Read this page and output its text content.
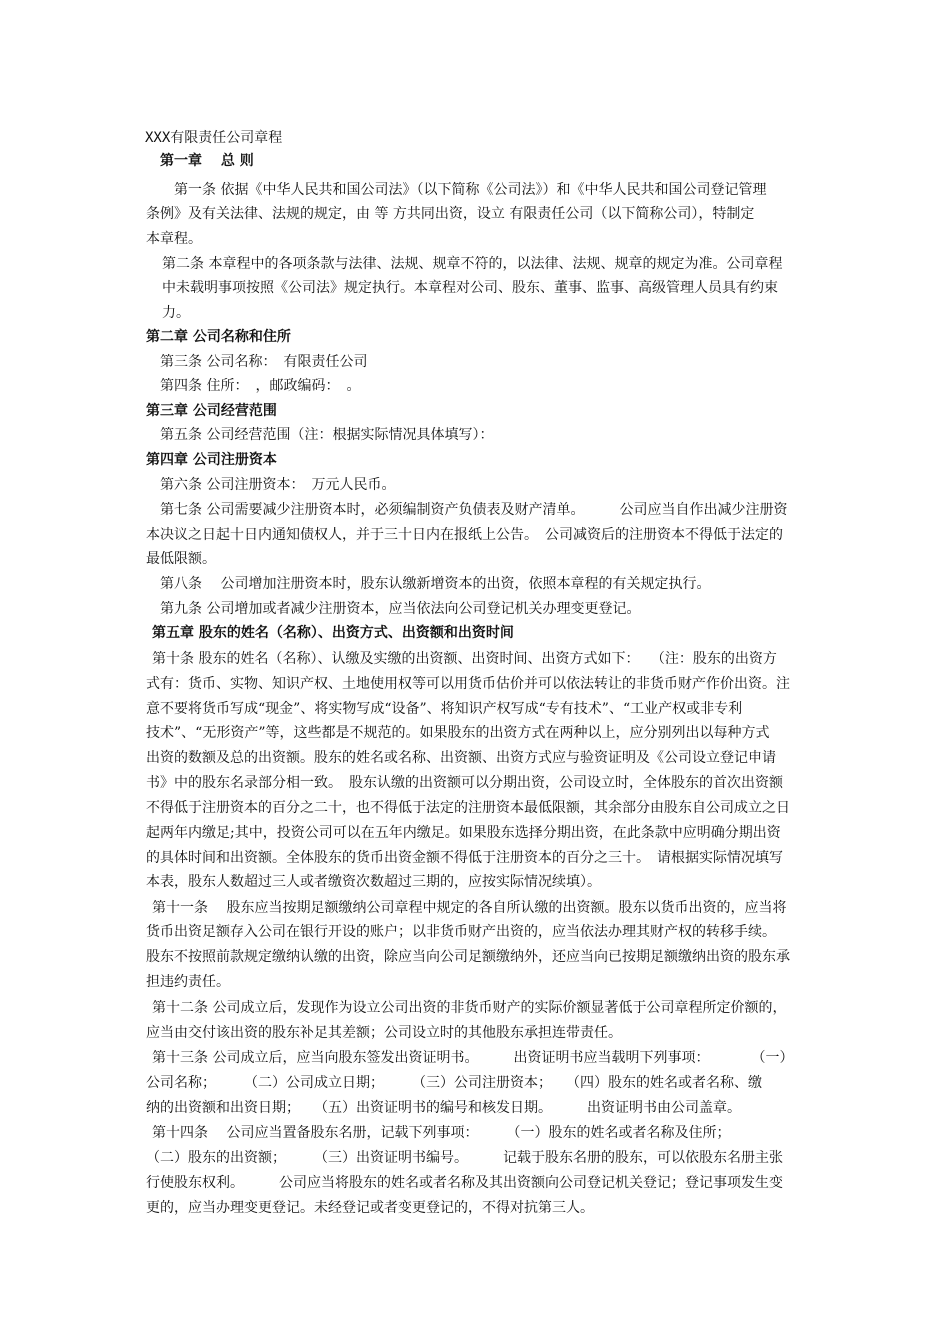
XXX有限责任公司章程
第一章　 总 则
第一条 依据《中华人民共和国公司法》（以下简称《公司法》）和《中华人民共和国公司登记管理
条例》及有关法律、法规的规定，由 等 方共同出资，设立 有限责任公司（以下简称公司），特制定
本章程。
第二条 本章程中的各项条款与法律、法规、规章不符的，以法律、法规、规章的规定为准。公司章程
中未载明事项按照《公司法》规定执行。本章程对公司、股东、董事、监事、高级管理人员具有约束
力。
第二章 公司名称和住所
第三条 公司名称：　有限责任公司
第四条 住所：　，邮政编码：　。
第三章 公司经营范围
第五条 公司经营范围（注：根据实际情况具体填写）：
第四章 公司注册资本
第六条 公司注册资本：　万元人民币。
第七条 公司需要减少注册资本时，必须编制资产负债表及财产清单。　　　公司应当自作出减少注册资
本决议之日起十日内通知债权人，并于三十日内在报纸上公告。　公司减资后的注册资本不得低于法定的
最低限额。
第八条　 公司增加注册资本时，股东认缴新增资本的出资，依照本章程的有关规定执行。
第九条 公司增加或者减少注册资本，应当依法向公司登记机关办理变更登记。
第五章 股东的姓名（名称）、出资方式、出资额和出资时间
第十条 股东的姓名（名称）、认缴及实缴的出资额、出资时间、出资方式如下：　 （注：股东的出资方
式有：货币、实物、知识产权、土地使用权等可以用货币估价并可以依法转让的非货币财产作价出资。注
意不要将货币写成“现金”、将实物写成“设备”、将知识产权写成“专有技术”、“工业产权或非专利
技术”、“无形资产”等，这些都是不规范的。如果股东的出资方式在两种以上，应分别列出以每种方式
出资的数额及总的出资额。股东的姓名或名称、出资额、出资方式应与验资证明及《公司设立登记申请
书》中的股东名录部分相一致。　股东认缴的出资额可以分期出资，公司设立时，全体股东的首次出资额
不得低于注册资本的百分之二十，也不得低于法定的注册资本最低限额，其余部分由股东自公司成立之日
起两年内缴足;其中，投资公司可以在五年内缴足。如果股东选择分期出资，在此条款中应明确分期出资
的具体时间和出资额。全体股东的货币出资金额不得低于注册资本的百分之三十。　请根据实际情况填写
本表，股东人数超过三人或者缴资次数超过三期的，应按实际情况续填）。
第十一条　 股东应当按期足额缴纳公司章程中规定的各自所认缴的出资额。股东以货币出资的，应当将
货币出资足额存入公司在银行开设的账户；以非货币财产出资的，应当依法办理其财产权的转移手续。
股东不按照前款规定缴纳认缴的出资，除应当向公司足额缴纳外，还应当向已按期足额缴纳出资的股东承
担违约责任。
第十二条 公司成立后，发现作为设立公司出资的非货币财产的实际价额显著低于公司章程所定价额的，
应当由交付该出资的股东补足其差额；公司设立时的其他股东承担连带责任。
第十三条 公司成立后，应当向股东签发出资证明书。　　　出资证明书应当载明下列事项：　　　　（一）
公司名称；　　　（二）公司成立日期；　　　（三）公司注册资本；　　（四）股东的姓名或者名称、缴
纳的出资额和出资日期；　　（五）出资证明书的编号和核发日期。　　　出资证明书由公司盖章。
第十四条　 公司应当置备股东名册，记载下列事项：　　　（一）股东的姓名或者名称及住所；
（二）股东的出资额；　　　（三）出资证明书编号。　　　记载于股东名册的股东，可以依股东名册主张
行使股东权利。　　　公司应当将股东的姓名或者名称及其出资额向公司登记机关登记；登记事项发生变
更的，应当办理变更登记。未经登记或者变更登记的，不得对抗第三人。
